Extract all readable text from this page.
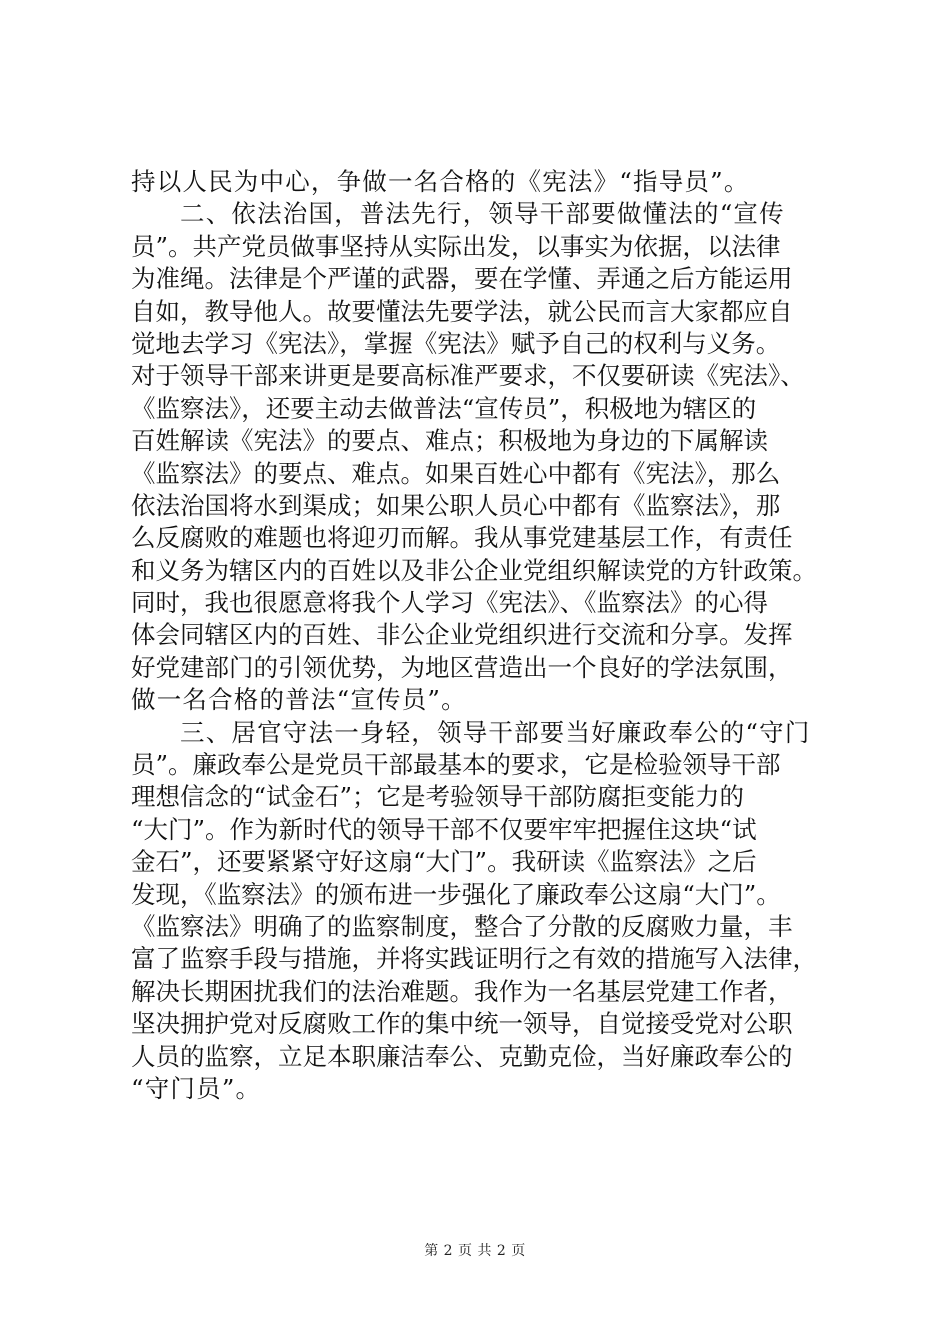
持以人民为中心，争做一名合格的《宪法》“指导员”。
二、依法治国，普法先行，领导干部要做懂法的“宣传
员”。共产党员做事坚持从实际出发，以事实为依据，以法律
为准绳。法律是个严谨的武器，要在学懂、弄通之后方能运用
自如，教导他人。故要懂法先要学法，就公民而言大家都应自
觉地去学习《宪法》，掌握《宪法》赋予自己的权利与义务。
对于领导干部来讲更是要高标准严要求，不仅要研读《宪法》、
《监察法》，还要主动去做普法“宣传员”，积极地为辖区的
百姓解读《宪法》的要点、难点；积极地为身边的下属解读
《监察法》的要点、难点。如果百姓心中都有《宪法》，那么
依法治国将水到渠成；如果公职人员心中都有《监察法》，那
么反腐败的难题也将迎刃而解。我从事党建基层工作，有责任
和义务为辖区内的百姓以及非公企业党组织解读党的方针政策。
同时，我也很愿意将我个人学习《宪法》、《监察法》的心得
体会同辖区内的百姓、非公企业党组织进行交流和分享。发挥
好党建部门的引领优势，为地区营造出一个良好的学法氛围，
做一名合格的普法“宣传员”。
三、居官守法一身轻，领导干部要当好廉政奉公的“守门
员”。廉政奉公是党员干部最基本的要求，它是检验领导干部
理想信念的“试金石”；它是考验领导干部防腐拒变能力的
“大门”。作为新时代的领导干部不仅要牢牢把握住这块“试
金石”，还要紧紧守好这扇“大门”。我研读《监察法》之后
发现，《监察法》的颁布进一步强化了廉政奉公这扇“大门”。
《监察法》明确了的监察制度，整合了分散的反腐败力量，丰
富了监察手段与措施，并将实践证明行之有效的措施写入法律，
解决长期困扰我们的法治难题。我作为一名基层党建工作者，
坚决拥护党对反腐败工作的集中统一领导，自觉接受党对公职
人员的监察，立足本职廉洁奉公、克勤克俭，当好廉政奉公的
“守门员”。
第 2 页 共 2 页
